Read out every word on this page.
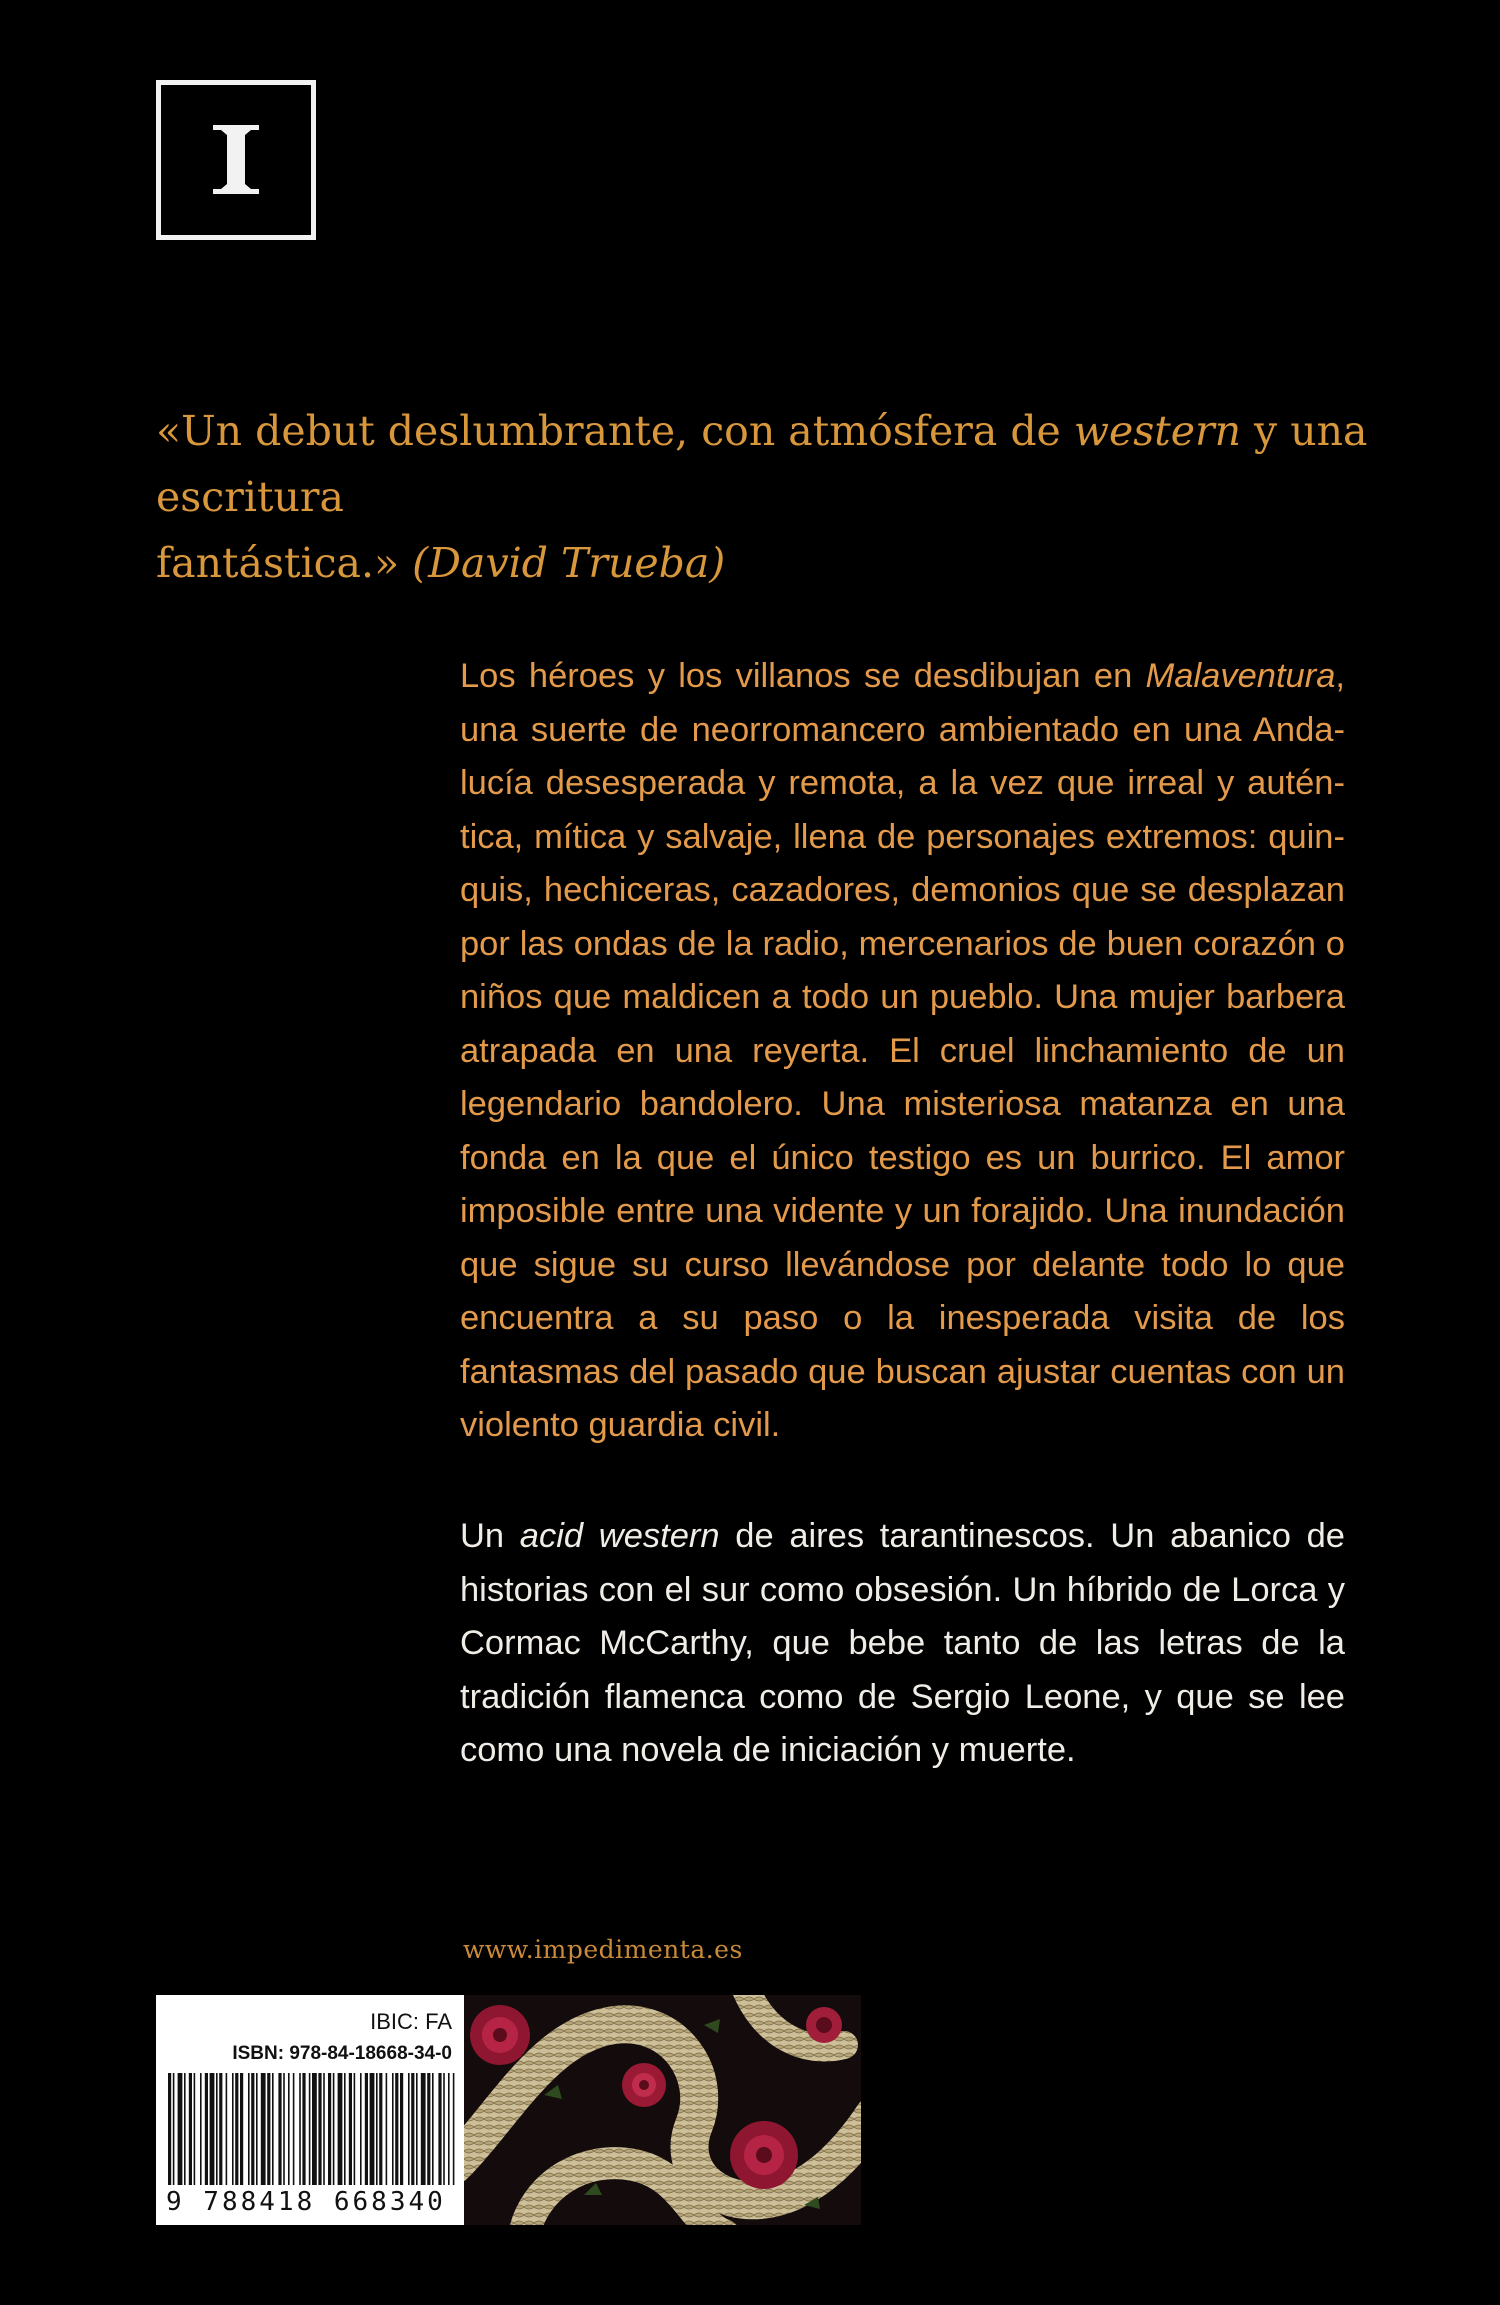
«Un debut deslumbrante, con atmósfera de western y una escritura
fantástica.» (David Trueba)

Los héroes y los villanos se desdibujan en Malaventura, una suerte de neorromancero ambientado en una Andalucía desesperada y remota, a la vez que irreal y auténtica, mítica y salvaje, llena de personajes extremos: quinquis, hechiceras, cazadores, demonios que se desplazan por las ondas de la radio, mercenarios de buen corazón o niños que maldicen a todo un pueblo. Una mujer barbera atrapada en una reyerta. El cruel linchamiento de un legendario bandolero. Una misteriosa matanza en una fonda en la que el único testigo es un burrico. El amor imposible entre una vidente y un forajido. Una inundación que sigue su curso llevándose por delante todo lo que encuentra a su paso o la inesperada visita de los fantasmas del pasado que buscan ajustar cuentas con un violento guardia civil.

Un acid western de aires tarantinescos. Un abanico de historias con el sur como obsesión. Un híbrido de Lorca y Cormac McCarthy, que bebe tanto de las letras de la tradición flamenca como de Sergio Leone, y que se lee como una novela de iniciación y muerte.

www.impedimenta.es
IBIC: FA
ISBN: 978-84-18668-34-0
9 788418 668340
